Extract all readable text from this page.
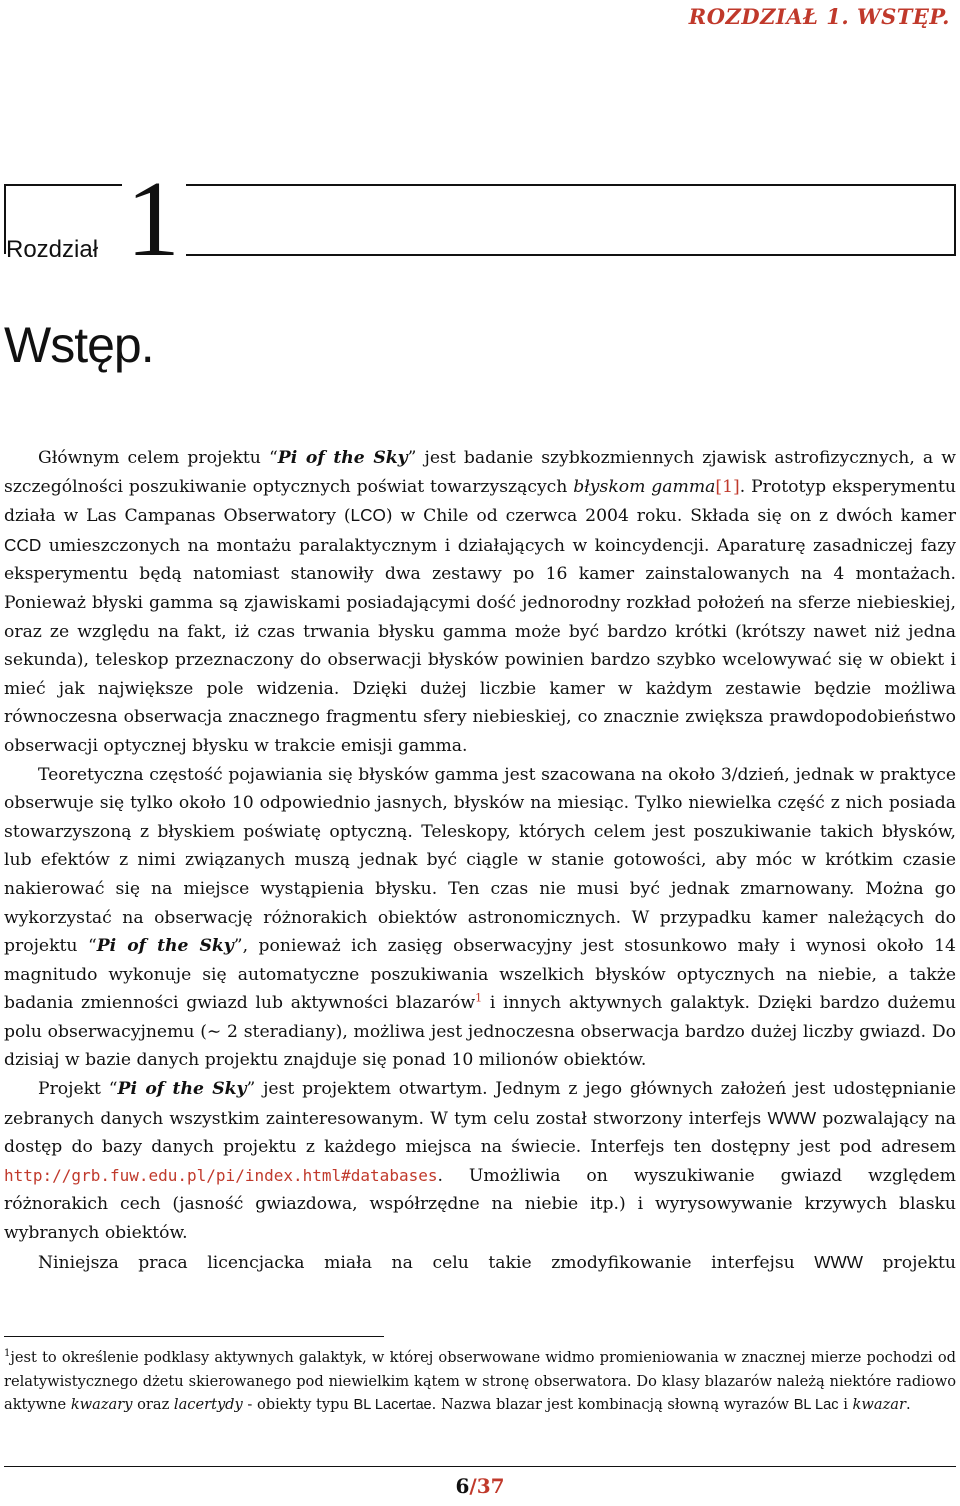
ROZDZIAŁ 1. WSTĘP.
Rozdział 1
Wstęp.

Głównym celem projektu “Pi of the Sky” jest badanie szybkozmiennych zjawisk astrofizycznych, a w szczególności poszukiwanie optycznych poświat towarzyszących błyskom gamma[1]. Prototyp eksperymentu działa w Las Campanas Obserwatory (LCO) w Chile od czerwca 2004 roku. Składa się on z dwóch kamer CCD umieszczonych na montażu paralaktycznym i działających w koincydencji. Aparaturę zasadniczej fazy eksperymentu będą natomiast stanowiły dwa zestawy po 16 kamer zainstalowanych na 4 montażach. Ponieważ błyski gamma są zjawiskami posiadającymi dość jednorodny rozkład położeń na sferze niebieskiej, oraz ze względu na fakt, iż czas trwania błysku gamma może być bardzo krótki (krótszy nawet niż jedna sekunda), teleskop przeznaczony do obserwacji błysków powinien bardzo szybko wcelowywać się w obiekt i mieć jak największe pole widzenia. Dzięki dużej liczbie kamer w każdym zestawie będzie możliwa równoczesna obserwacja znacznego fragmentu sfery niebieskiej, co znacznie zwiększa prawdopodobieństwo obserwacji optycznej błysku w trakcie emisji gamma.

Teoretyczna częstość pojawiania się błysków gamma jest szacowana na około 3/dzień, jednak w praktyce obserwuje się tylko około 10 odpowiednio jasnych, błysków na miesiąc. Tylko niewielka część z nich posiada stowarzyszoną z błyskiem poświatę optyczną. Teleskopy, których celem jest poszukiwanie takich błysków, lub efektów z nimi związanych muszą jednak być ciągle w stanie gotowości, aby móc w krótkim czasie nakierować się na miejsce wystąpienia błysku. Ten czas nie musi być jednak zmarnowany. Można go wykorzystać na obserwację różnorakich obiektów astronomicznych. W przypadku kamer należących do projektu “Pi of the Sky”, ponieważ ich zasięg obserwacyjny jest stosunkowo mały i wynosi około 14 magnitudo wykonuje się automatyczne poszukiwania wszelkich błysków optycznych na niebie, a także badania zmienności gwiazd lub aktywności blazarów$^1$ i innych aktywnych galaktyk. Dzięki bardzo dużemu polu obserwacyjnemu (∼ 2 steradiany), możliwa jest jednoczesna obserwacja bardzo dużej liczby gwiazd. Do dzisiaj w bazie danych projektu znajduje się ponad 10 milionów obiektów.

Projekt “Pi of the Sky” jest projektem otwartym. Jednym z jego głównych założeń jest udostępnianie zebranych danych wszystkim zainteresowanym. W tym celu został stworzony interfejs WWW pozwalający na dostęp do bazy danych projektu z każdego miejsca na świecie. Interfejs ten dostępny jest pod adresem http://grb.fuw.edu.pl/pi/index.html#databases. Umożliwia on wyszukiwanie gwiazd względem różnorakich cech (jasność gwiazdowa, współrzędne na niebie itp.) i wyrysowywanie krzywych blasku wybranych obiektów.

Niniejsza praca licencjacka miała na celu takie zmodyfikowanie interfejsu WWW projektu

$^1$jest to określenie podklasy aktywnych galaktyk, w której obserwowane widmo promieniowania w znacznej mierze pochodzi od relatywistycznego dżetu skierowanego pod niewielkim kątem w stronę obserwatora. Do klasy blazarów należą niektóre radiowo aktywne kwazary oraz lacertydy - obiekty typu BL Lacertae. Nazwa blazar jest kombinacją słowną wyrazów BL Lac i kwazar.
6/37
